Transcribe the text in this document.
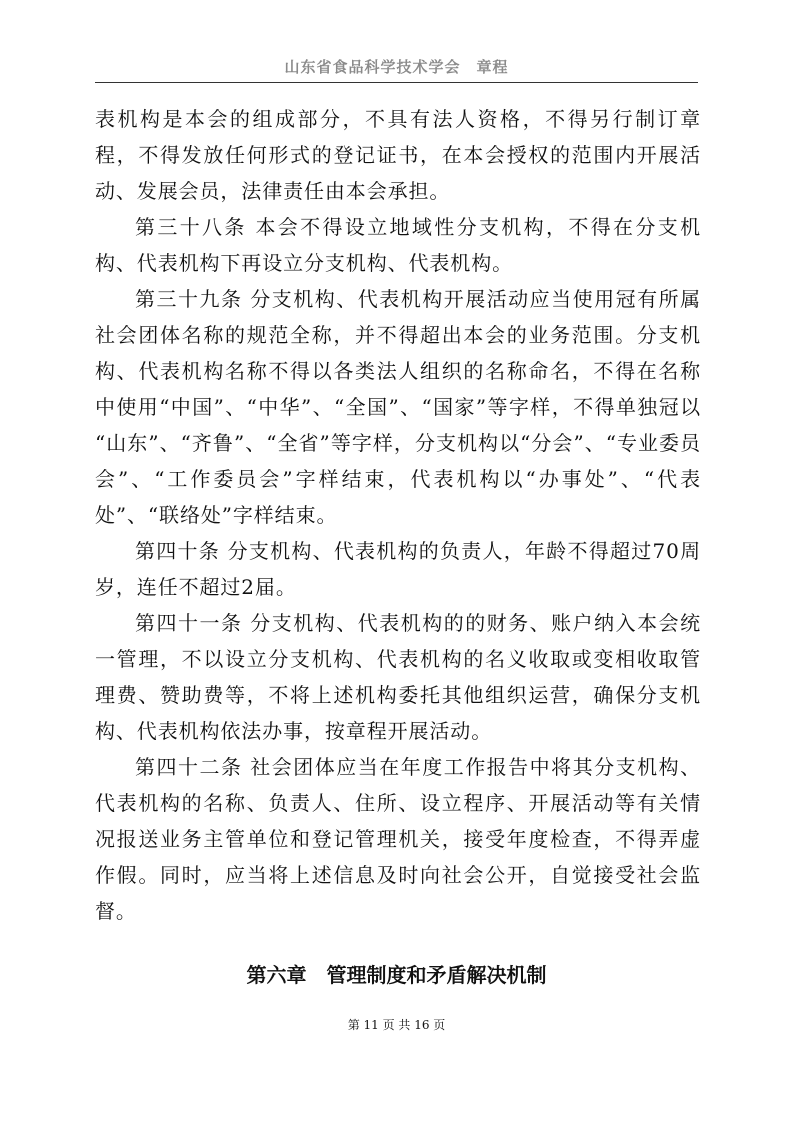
山东省食品科学技术学会　章程

表机构是本会的组成部分，不具有法人资格，不得另行制订章程，不得发放任何形式的登记证书，在本会授权的范围内开展活动、发展会员，法律责任由本会承担。

第三十八条 本会不得设立地域性分支机构，不得在分支机构、代表机构下再设立分支机构、代表机构。

第三十九条 分支机构、代表机构开展活动应当使用冠有所属社会团体名称的规范全称，并不得超出本会的业务范围。分支机构、代表机构名称不得以各类法人组织的名称命名，不得在名称中使用“中国”、“中华”、“全国”、“国家”等字样，不得单独冠以 “山东”、“齐鲁”、“全省”等字样，分支机构以“分会”、“专业委员会”、“工作委员会”字样结束，代表机构以“办事处”、“代表处”、“联络处”字样结束。

第四十条 分支机构、代表机构的负责人，年龄不得超过70周岁，连任不超过2届。

第四十一条 分支机构、代表机构的的财务、账户纳入本会统一管理，不以设立分支机构、代表机构的名义收取或变相收取管理费、赞助费等，不将上述机构委托其他组织运营，确保分支机构、代表机构依法办事，按章程开展活动。

第四十二条 社会团体应当在年度工作报告中将其分支机构、代表机构的名称、负责人、住所、设立程序、开展活动等有关情况报送业务主管单位和登记管理机关，接受年度检查，不得弄虚作假。同时，应当将上述信息及时向社会公开，自觉接受社会监督。

第六章　管理制度和矛盾解决机制
第 11 页 共 16 页
